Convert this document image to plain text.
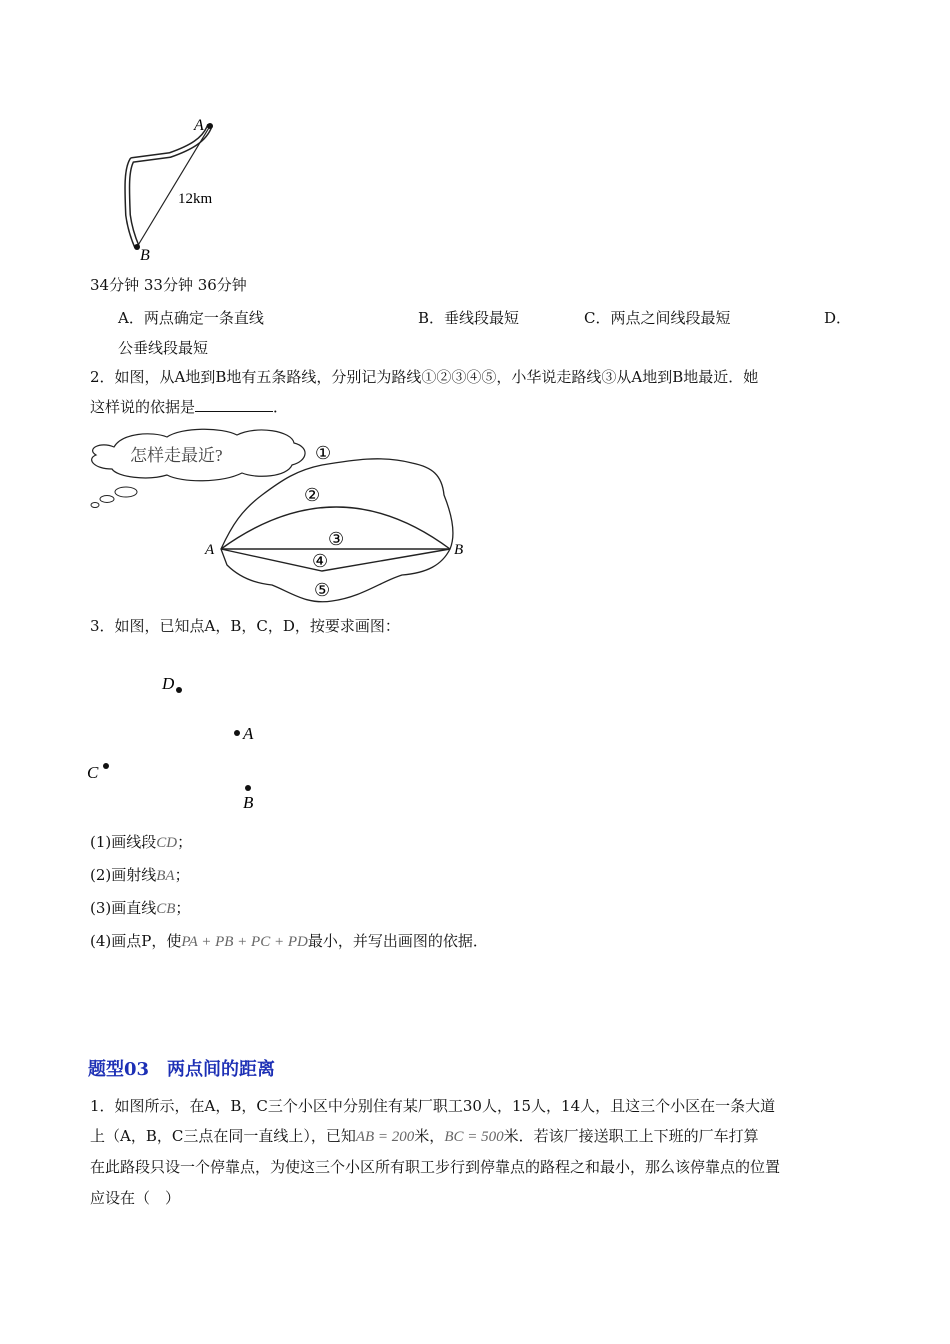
A
B
12km
34分钟 33分钟 36分钟
A．两点确定一条直线	B．垂线段最短	C．两点之间线段最短	D．
公垂线段最短
2．如图，从A地到B地有五条路线，分别记为路线①②③④⑤，小华说走路线③从A地到B地最近．她
这样说的依据是	．
怎样走最近?	①
②
③
④
⑤
A	B
3．如图，已知点A，B，C，D，按要求画图：
D
A
C
B
(1)画线段CD；
(2)画射线BA；
(3)画直线CB；
(4)画点P，使PA + PB + PC + PD最小，并写出画图的依据．
题型03　两点间的距离
1．如图所示，在A，B，C三个小区中分别住有某厂职工30人，15人，14人，且这三个小区在一条大道
上（A，B，C三点在同一直线上），已知AB = 200米，BC = 500米．若该厂接送职工上下班的厂车打算
在此路段只设一个停靠点，为使这三个小区所有职工步行到停靠点的路程之和最小，那么该停靠点的位置
应设在（　）
